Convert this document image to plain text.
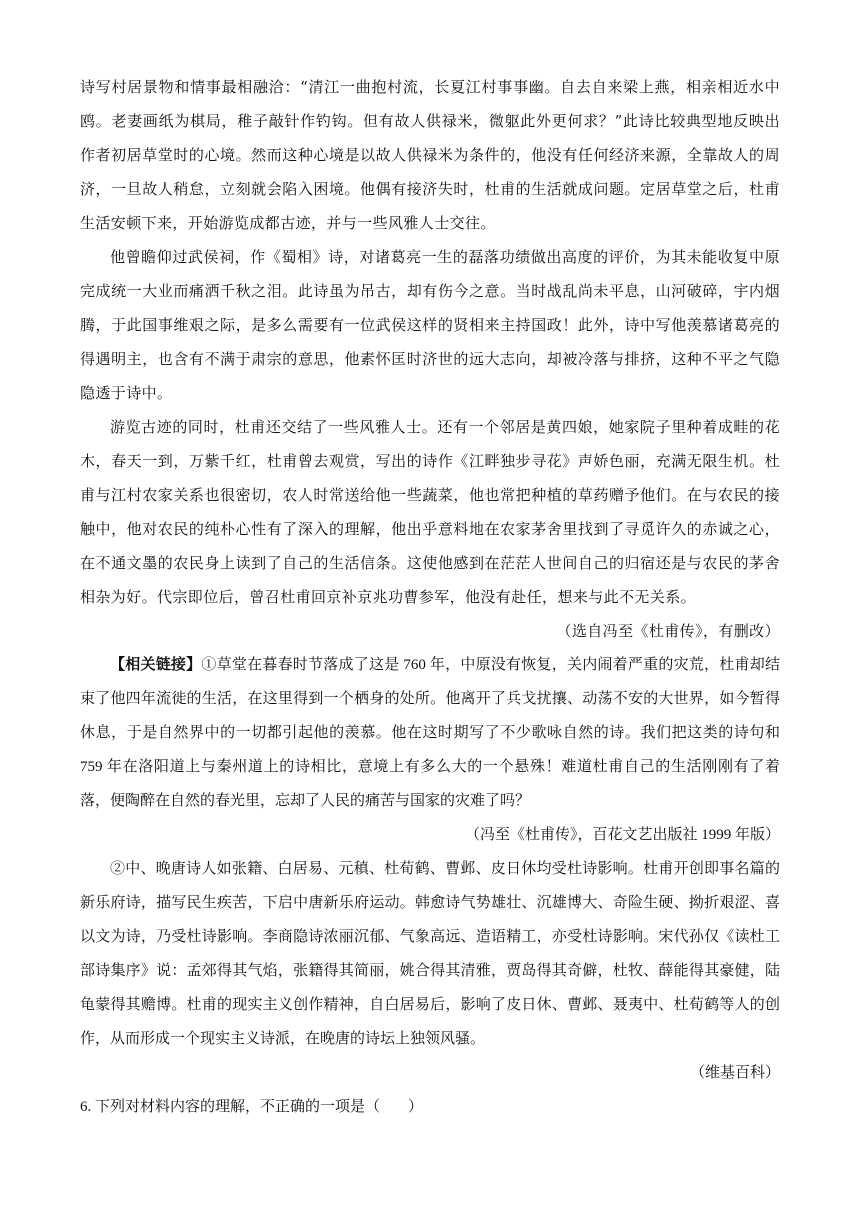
诗写村居景物和情事最相融洽：“清江一曲抱村流，长夏江村事事幽。自去自来梁上燕，相亲相近水中鸥。老妻画纸为棋局，稚子敲针作钓钩。但有故人供禄米，微躯此外更何求？”此诗比较典型地反映出作者初居草堂时的心境。然而这种心境是以故人供禄米为条件的，他没有任何经济来源，全靠故人的周济，一旦故人稍怠，立刻就会陷入困境。他偶有接济失时，杜甫的生活就成问题。定居草堂之后，杜甫生活安顿下来，开始游览成都古迹，并与一些风雅人士交往。

他曾瞻仰过武侯祠，作《蜀相》诗，对诸葛亮一生的磊落功绩做出高度的评价，为其未能收复中原完成统一大业而痛洒千秋之泪。此诗虽为吊古，却有伤今之意。当时战乱尚未平息，山河破碎，宇内烟腾，于此国事维艰之际，是多么需要有一位武侯这样的贤相来主持国政！此外，诗中写他羡慕诸葛亮的得遇明主，也含有不满于肃宗的意思，他素怀匡时济世的远大志向，却被冷落与排挤，这种不平之气隐隐透于诗中。

游览古迹的同时，杜甫还交结了一些风雅人士。还有一个邻居是黄四娘，她家院子里种着成畦的花木，春天一到，万紫千红，杜甫曾去观赏，写出的诗作《江畔独步寻花》声娇色丽，充满无限生机。杜甫与江村农家关系也很密切，农人时常送给他一些蔬菜，他也常把种植的草药赠予他们。在与农民的接触中，他对农民的纯朴心性有了深入的理解，他出乎意料地在农家茅舍里找到了寻觅许久的赤诚之心，在不通文墨的农民身上读到了自己的生活信条。这使他感到在茫茫人世间自己的归宿还是与农民的茅舍相杂为好。代宗即位后，曾召杜甫回京补京兆功曹参军，他没有赴任，想来与此不无关系。

（选自冯至《杜甫传》，有删改）

【相关链接】①草堂在暮春时节落成了这是 760 年，中原没有恢复，关内闹着严重的灾荒，杜甫却结束了他四年流徙的生活，在这里得到一个栖身的处所。他离开了兵戈扰攘、动荡不安的大世界，如今暂得休息，于是自然界中的一切都引起他的羡慕。他在这时期写了不少歌咏自然的诗。我们把这类的诗句和 759 年在洛阳道上与秦州道上的诗相比，意境上有多么大的一个悬殊！难道杜甫自己的生活刚刚有了着落，便陶醉在自然的春光里，忘却了人民的痛苦与国家的灾难了吗？

（冯至《杜甫传》，百花文艺出版社 1999 年版）

②中、晚唐诗人如张籍、白居易、元稹、杜荀鹤、曹邺、皮日休均受杜诗影响。杜甫开创即事名篇的新乐府诗，描写民生疾苦，下启中唐新乐府运动。韩愈诗气势雄壮、沉雄博大、奇险生硬、拗折艰涩、喜以文为诗，乃受杜诗影响。李商隐诗浓丽沉郁、气象高远、造语精工，亦受杜诗影响。宋代孙仅《读杜工部诗集序》说：孟郊得其气焰，张籍得其简丽，姚合得其清雅，贾岛得其奇僻，杜牧、薛能得其豪健，陆龟蒙得其赡博。杜甫的现实主义创作精神，自白居易后，影响了皮日休、曹邺、聂夷中、杜荀鹤等人的创作，从而形成一个现实主义诗派，在晚唐的诗坛上独领风骚。

（维基百科）

6. 下列对材料内容的理解，不正确的一项是（ ）
